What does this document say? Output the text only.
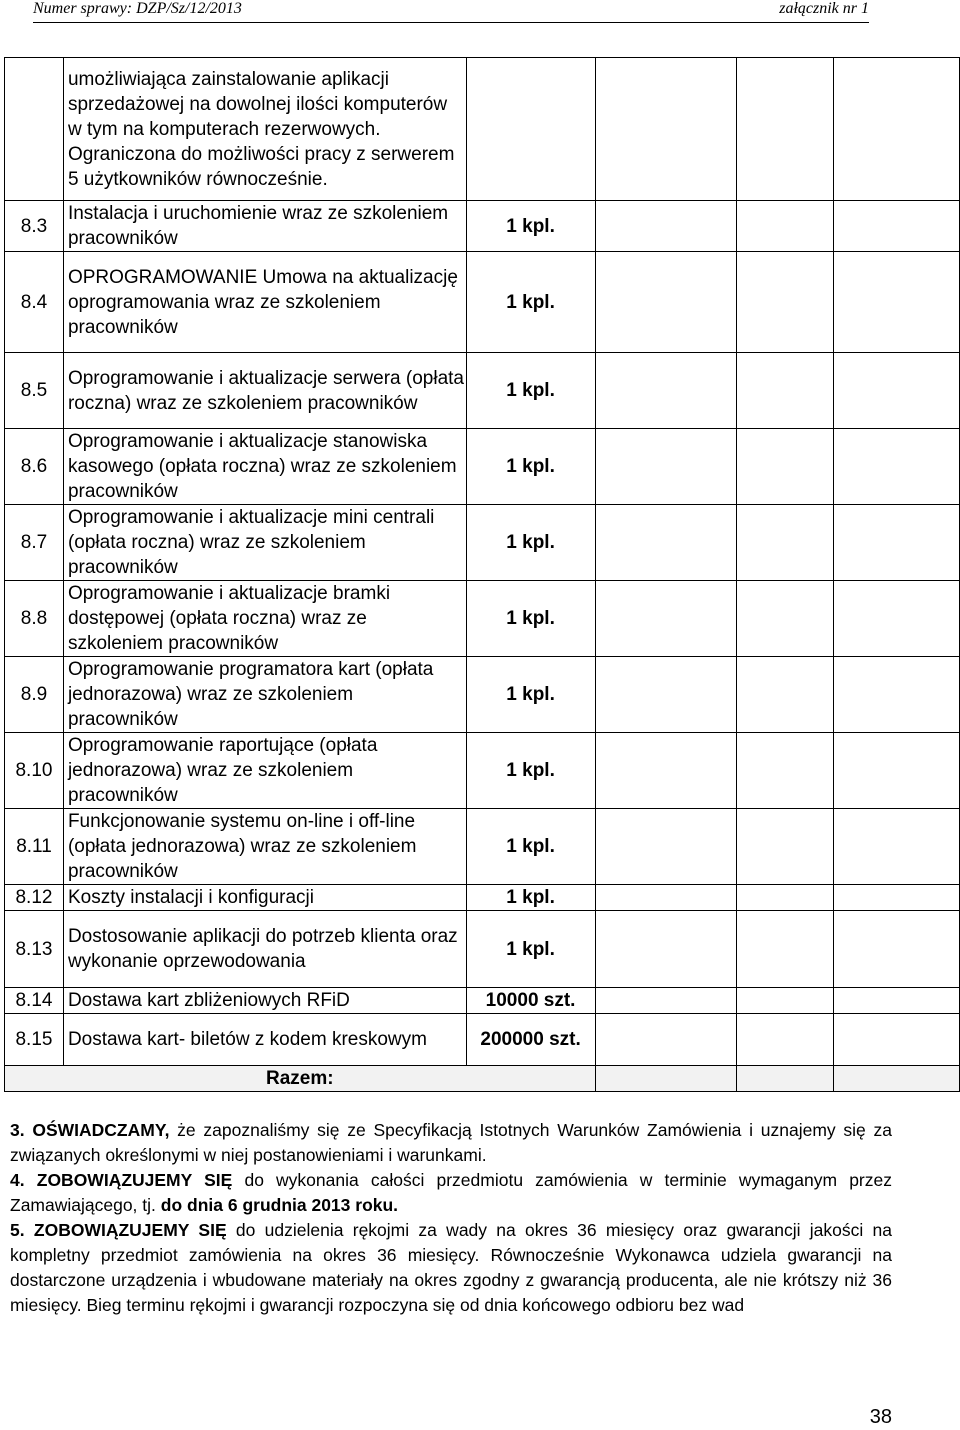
Numer sprawy: DZP/Sz/12/2013	załącznik nr 1
	umożliwiająca zainstalowanie aplikacji sprzedażowej na dowolnej ilości komputerów w tym na komputerach rezerwowych. Ograniczona do możliwości pracy z serwerem 5 użytkowników równocześnie.				
8.3	Instalacja i uruchomienie wraz ze szkoleniem pracowników	1 kpl.			
8.4	OPROGRAMOWANIE Umowa na aktualizację oprogramowania wraz ze szkoleniem pracowników	1 kpl.			
8.5	Oprogramowanie i aktualizacje serwera (opłata roczna) wraz ze szkoleniem pracowników	1 kpl.			
8.6	Oprogramowanie i aktualizacje stanowiska kasowego (opłata roczna) wraz ze szkoleniem pracowników	1 kpl.			
8.7	Oprogramowanie i aktualizacje mini centrali (opłata roczna) wraz ze szkoleniem pracowników	1 kpl.			
8.8	Oprogramowanie i aktualizacje bramki dostępowej (opłata roczna) wraz ze szkoleniem pracowników	1 kpl.			
8.9	Oprogramowanie programatora kart (opłata jednorazowa) wraz ze szkoleniem pracowników	1 kpl.			
8.10	Oprogramowanie raportujące (opłata jednorazowa) wraz ze szkoleniem pracowników	1 kpl.			
8.11	Funkcjonowanie systemu on-line i off-line (opłata jednorazowa) wraz ze szkoleniem pracowników	1 kpl.			
8.12	Koszty instalacji i konfiguracji	1 kpl.			
8.13	Dostosowanie aplikacji do potrzeb klienta oraz wykonanie oprzewodowania	1 kpl.			
8.14	Dostawa kart zbliżeniowych RFiD	10000 szt.			
8.15	Dostawa kart- biletów z kodem kreskowym	200000 szt.			
Razem:					

3. OŚWIADCZAMY, że zapoznaliśmy się ze Specyfikacją Istotnych Warunków Zamówienia i uznajemy się za związanych określonymi w niej postanowieniami i warunkami.

4. ZOBOWIĄZUJEMY SIĘ do wykonania całości przedmiotu zamówienia w terminie wymaganym przez Zamawiającego, tj. do dnia 6 grudnia 2013 roku.

5. ZOBOWIĄZUJEMY SIĘ do udzielenia rękojmi za wady na okres 36 miesięcy oraz gwarancji jakości na kompletny przedmiot zamówienia na okres 36 miesięcy. Równocześnie Wykonawca udziela gwarancji na dostarczone urządzenia i wbudowane materiały na okres zgodny z gwarancją producenta, ale nie krótszy niż 36 miesięcy. Bieg terminu rękojmi i gwarancji rozpoczyna się od dnia końcowego odbioru bez wad

38
